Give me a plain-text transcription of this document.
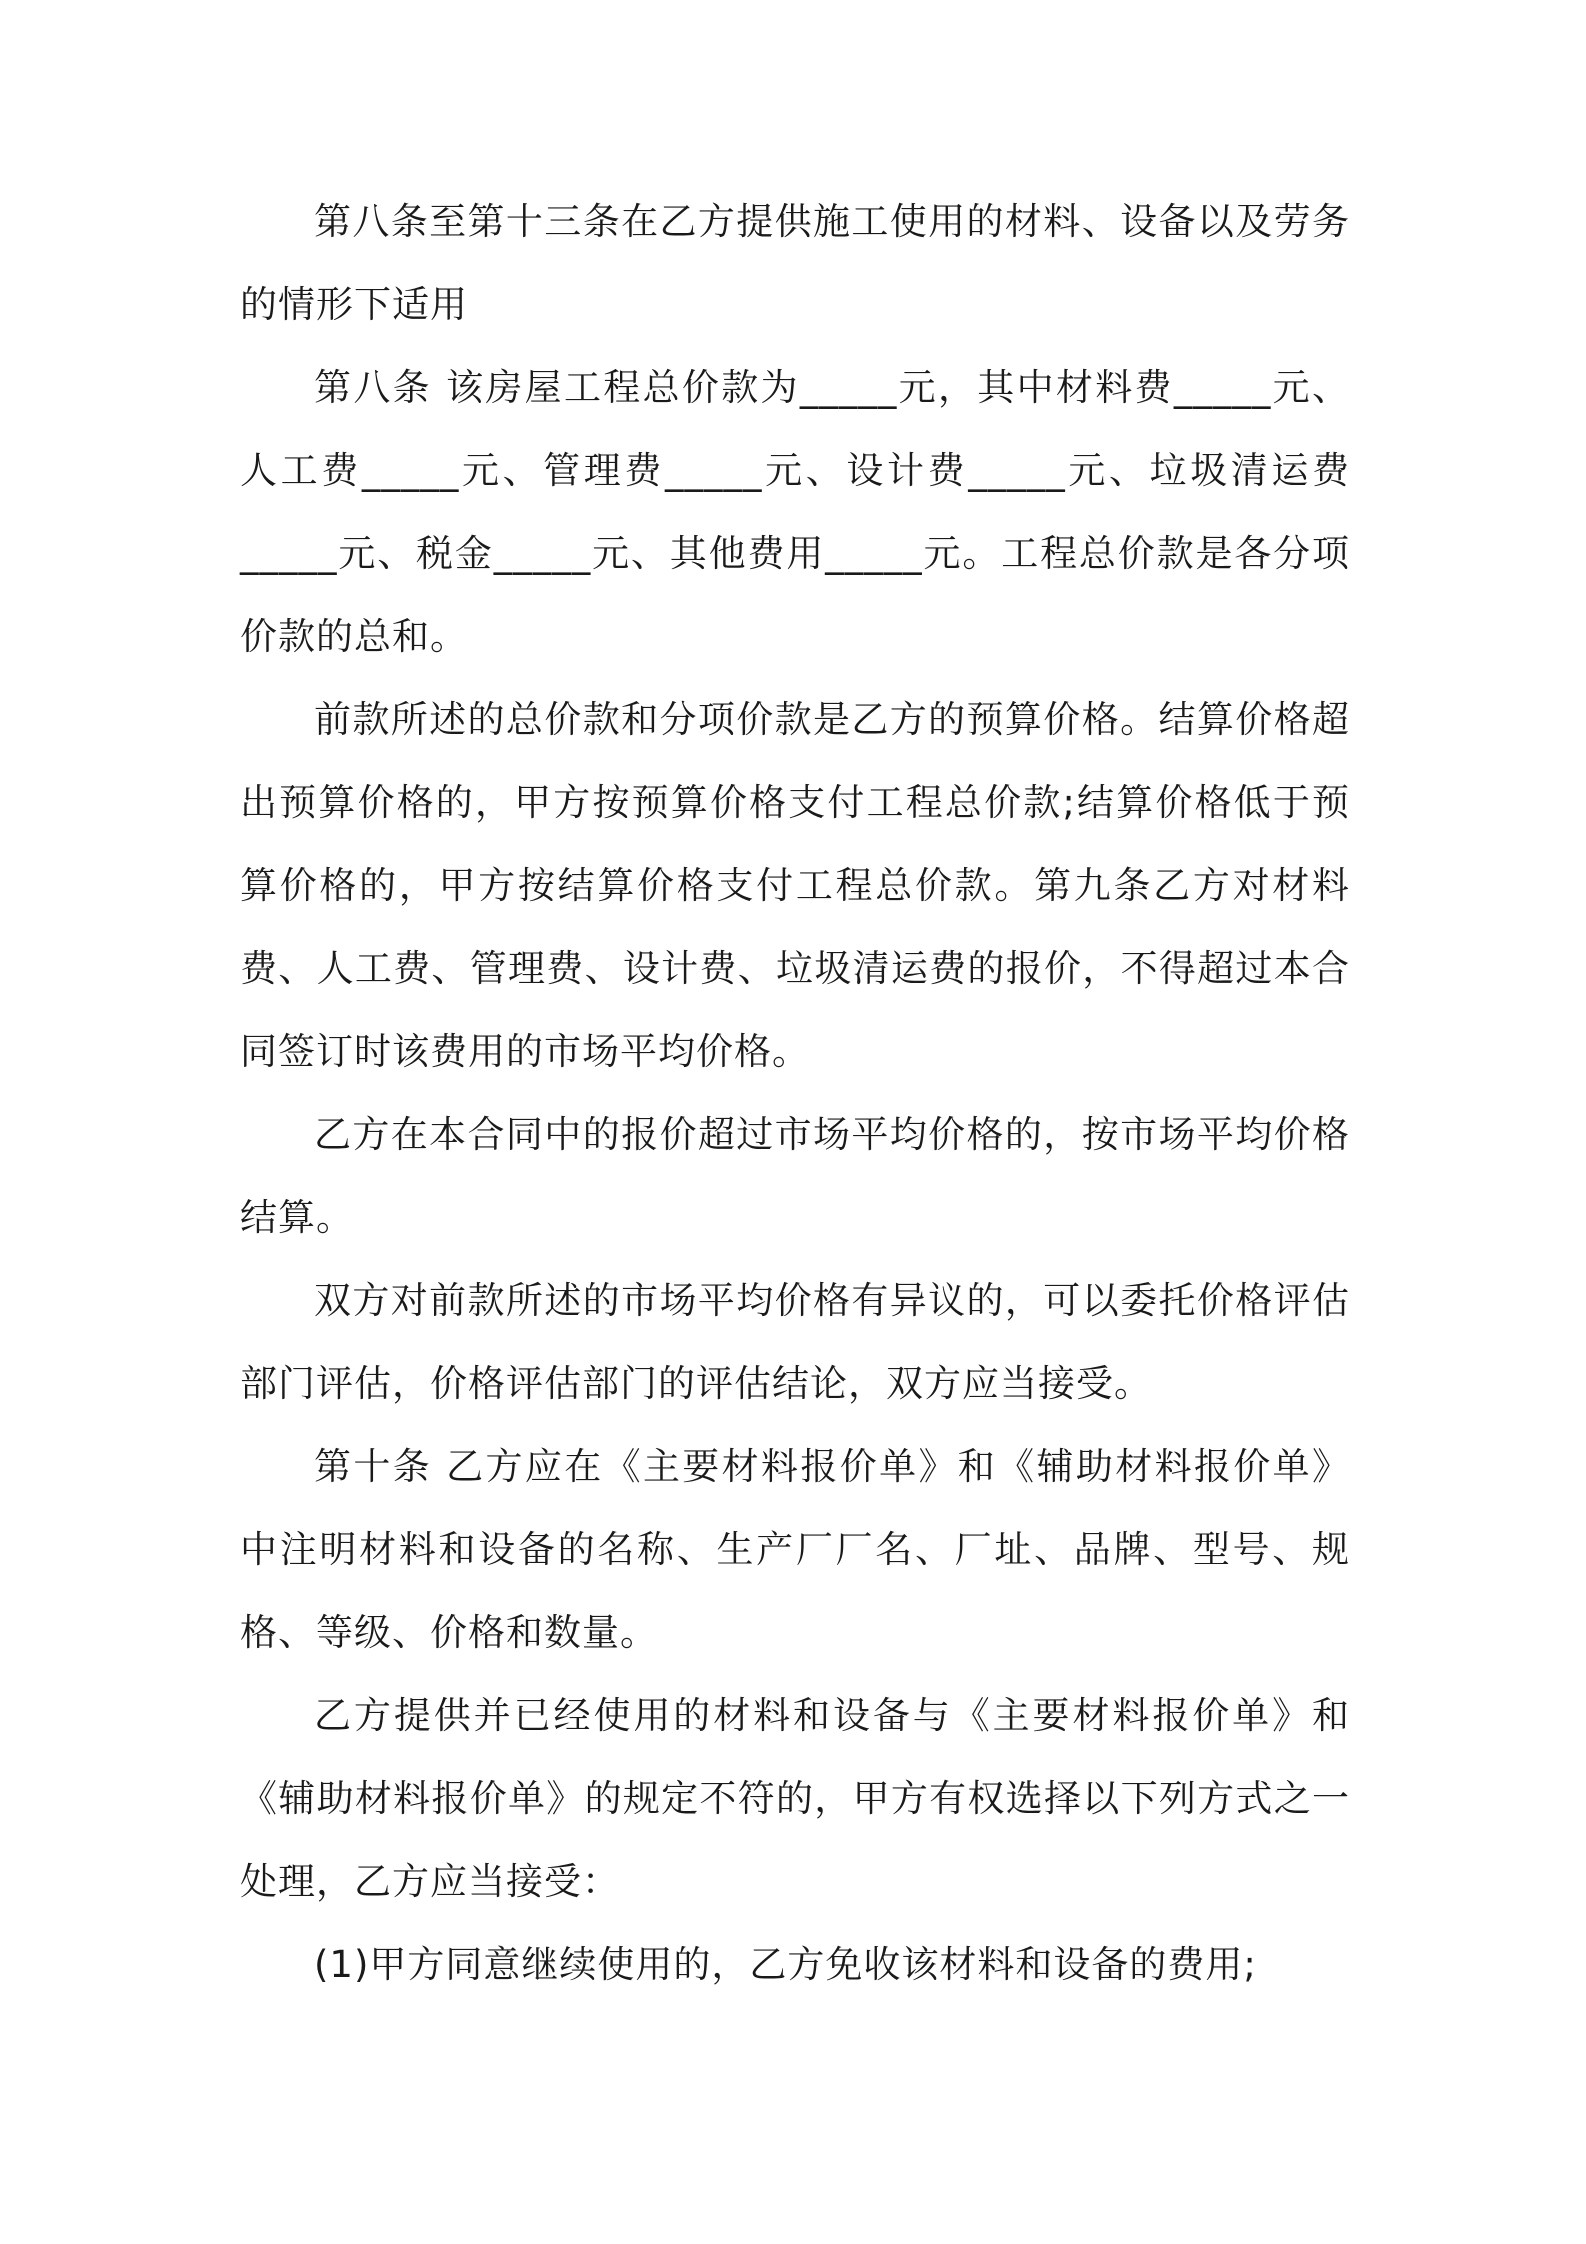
第八条至第十三条在乙方提供施工使用的材料、设备以及劳务的情形下适用

第八条 该房屋工程总价款为_____元，其中材料费_____元、人工费_____元、管理费_____元、设计费_____元、垃圾清运费_____元、税金_____元、其他费用_____元。工程总价款是各分项价款的总和。

前款所述的总价款和分项价款是乙方的预算价格。结算价格超出预算价格的，甲方按预算价格支付工程总价款;结算价格低于预算价格的，甲方按结算价格支付工程总价款。第九条乙方对材料费、人工费、管理费、设计费、垃圾清运费的报价，不得超过本合同签订时该费用的市场平均价格。

乙方在本合同中的报价超过市场平均价格的，按市场平均价格结算。

双方对前款所述的市场平均价格有异议的，可以委托价格评估部门评估，价格评估部门的评估结论，双方应当接受。

第十条 乙方应在《主要材料报价单》和《辅助材料报价单》中注明材料和设备的名称、生产厂厂名、厂址、品牌、型号、规格、等级、价格和数量。

乙方提供并已经使用的材料和设备与《主要材料报价单》和《辅助材料报价单》的规定不符的，甲方有权选择以下列方式之一处理，乙方应当接受：

(1)甲方同意继续使用的，乙方免收该材料和设备的费用;
